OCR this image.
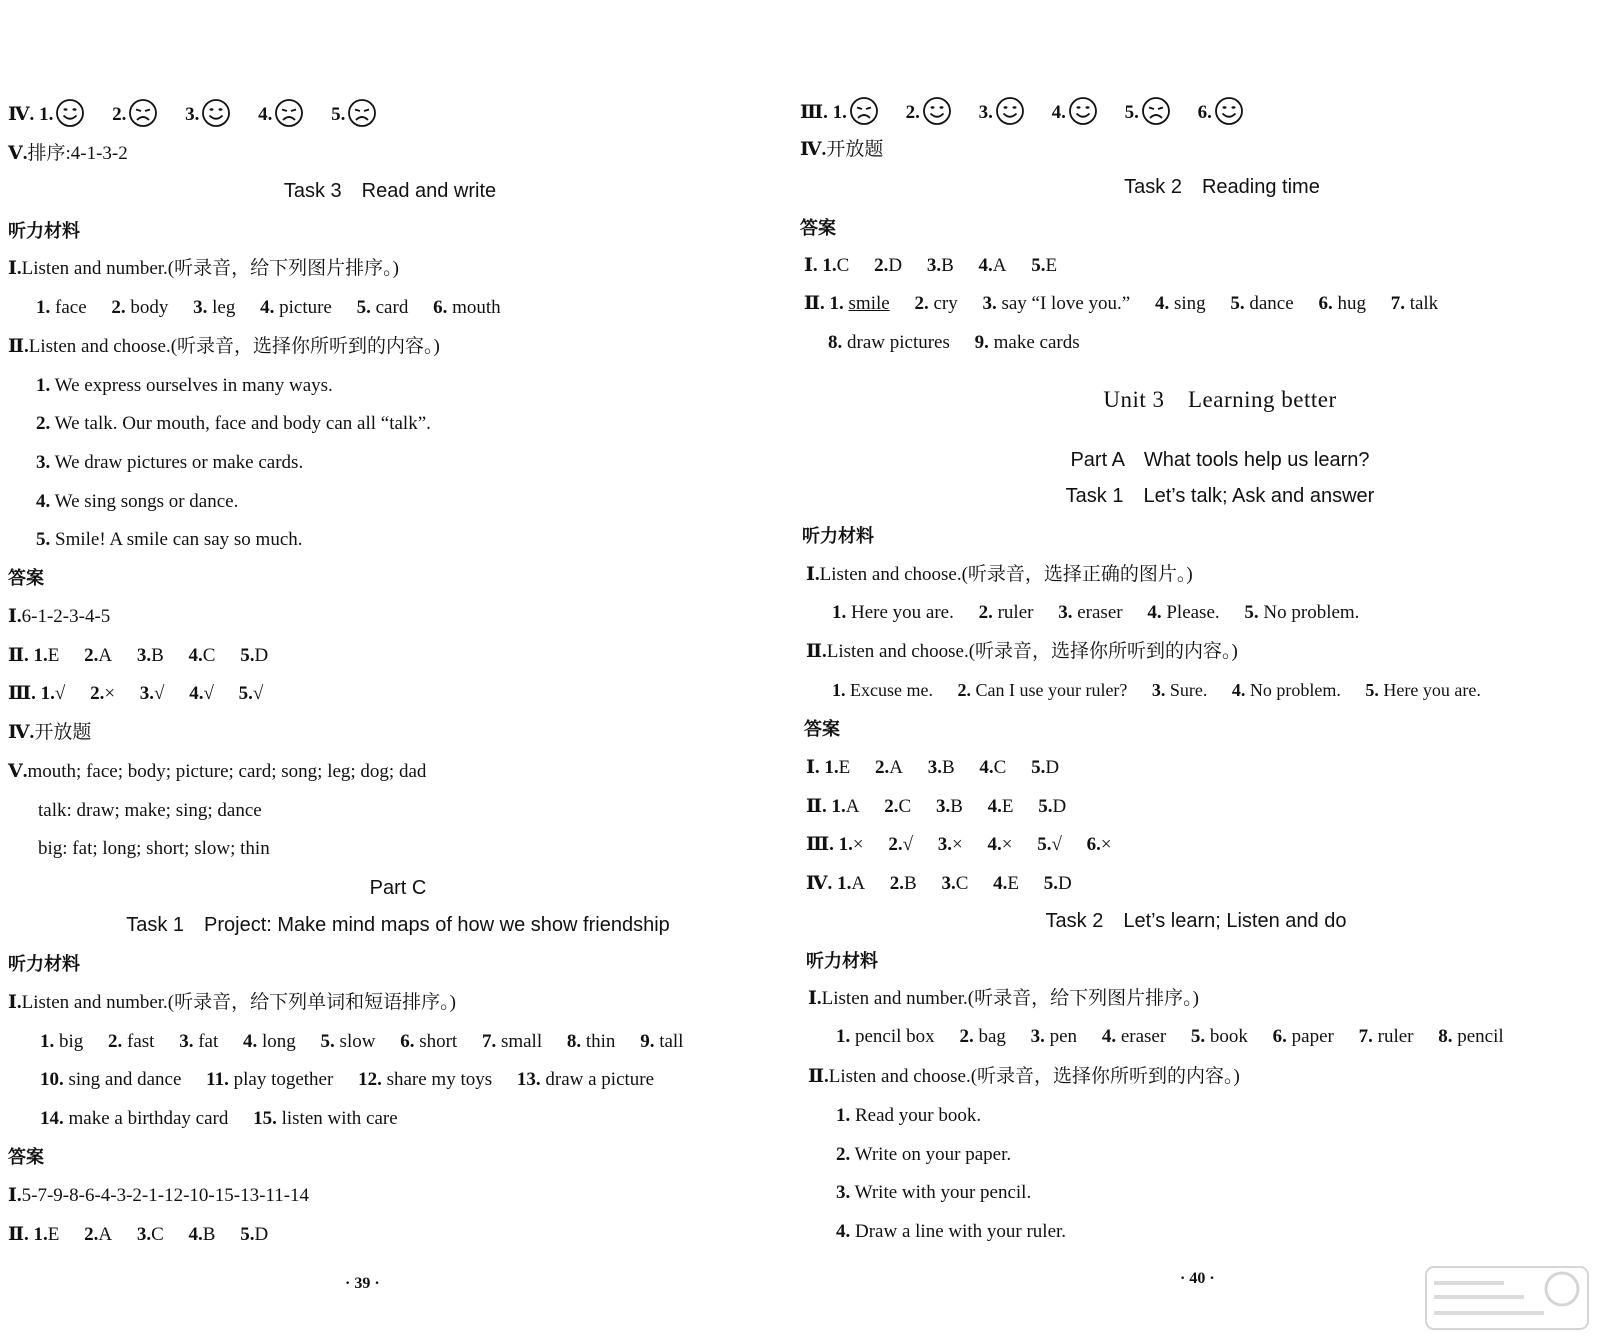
Ⅳ. 1.	2.	3.	4.	5.
Ⅴ.排序:4-1-3-2
Task 3　Read and write
听力材料
Ⅰ.Listen and number.(听录音，给下列图片排序。)
1. face 2. body 3. leg 4. picture 5. card 6. mouth
Ⅱ.Listen and choose.(听录音，选择你所听到的内容。)
1. We express ourselves in many ways.
2. We talk. Our mouth, face and body can all “talk”.
3. We draw pictures or make cards.
4. We sing songs or dance.
5. Smile! A smile can say so much.
答案
Ⅰ.6-1-2-3-4-5
Ⅱ. 1.E 2.A 3.B 4.C 5.D
Ⅲ. 1.√ 2.× 3.√ 4.√ 5.√
Ⅳ.开放题
Ⅴ.mouth; face; body; picture; card; song; leg; dog; dad
talk: draw; make; sing; dance
big: fat; long; short; slow; thin
Part C
Task 1　Project: Make mind maps of how we show friendship
听力材料
Ⅰ.Listen and number.(听录音，给下列单词和短语排序。)
1. big 2. fast 3. fat 4. long 5. slow 6. short 7. small 8. thin 9. tall
10. sing and dance 11. play together 12. share my toys 13. draw a picture
14. make a birthday card 15. listen with care
答案
Ⅰ.5-7-9-8-6-4-3-2-1-12-10-15-13-11-14
Ⅱ. 1.E 2.A 3.C 4.B 5.D
· 39 ·
Ⅲ. 1.	2.	3.	4.	5.	6.
Ⅳ.开放题
Task 2　Reading time
答案
Ⅰ. 1.C 2.D 3.B 4.A 5.E
Ⅱ. 1. smile 2. cry 3. say “I love you.” 4. sing 5. dance 6. hug 7. talk
8. draw pictures 9. make cards
Unit 3　Learning better
Part A　What tools help us learn?
Task 1　Let’s talk; Ask and answer
听力材料
Ⅰ.Listen and choose.(听录音，选择正确的图片。)
1. Here you are. 2. ruler 3. eraser 4. Please. 5. No problem.
Ⅱ.Listen and choose.(听录音，选择你所听到的内容。)
1. Excuse me. 2. Can I use your ruler? 3. Sure. 4. No problem. 5. Here you are.
答案
Ⅰ. 1.E 2.A 3.B 4.C 5.D
Ⅱ. 1.A 2.C 3.B 4.E 5.D
Ⅲ. 1.× 2.√ 3.× 4.× 5.√ 6.×
Ⅳ. 1.A 2.B 3.C 4.E 5.D
Task 2　Let’s learn; Listen and do
听力材料
Ⅰ.Listen and number.(听录音，给下列图片排序。)
1. pencil box 2. bag 3. pen 4. eraser 5. book 6. paper 7. ruler 8. pencil
Ⅱ.Listen and choose.(听录音，选择你所听到的内容。)
1. Read your book.
2. Write on your paper.
3. Write with your pencil.
4. Draw a line with your ruler.
· 40 ·
